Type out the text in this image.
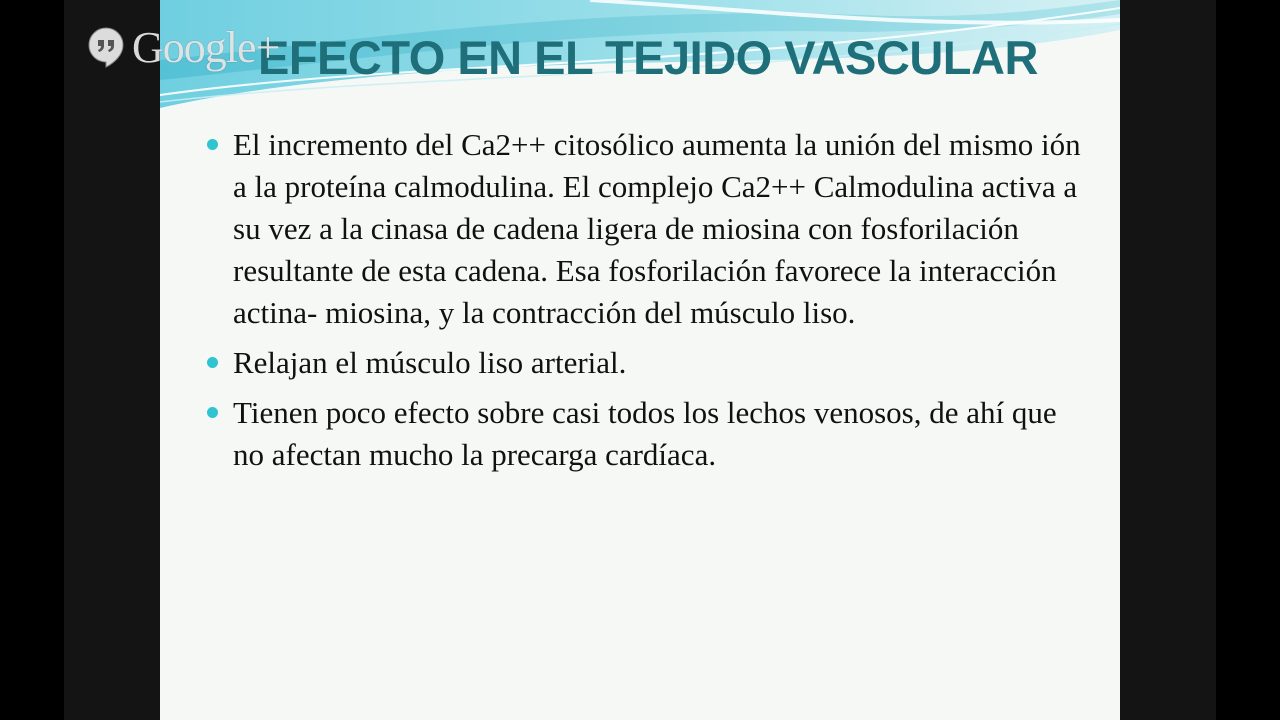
EFECTO EN EL TEJIDO VASCULAR
El incremento del Ca2++ citosólico aumenta la unión del mismo ión a la proteína calmodulina. El complejo Ca2++ Calmodulina activa a su vez a la cinasa de cadena ligera de miosina con fosforilación resultante de esta cadena. Esa fosforilación favorece la interacción actina- miosina, y la contracción del músculo liso.
Relajan el músculo liso arterial.
Tienen poco efecto sobre casi todos los lechos venosos, de ahí que no afectan mucho la precarga cardíaca.
Google+
